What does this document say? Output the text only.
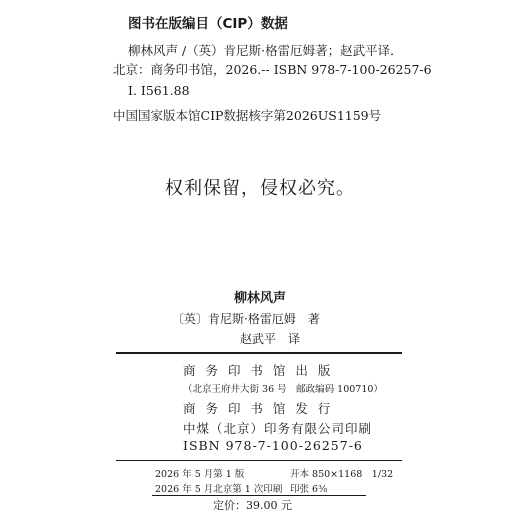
图书在版编目（CIP）数据
柳林风声 /（英）肯尼斯·格雷厄姆著；赵武平译．
北京：商务印书馆，2026.-- ISBN 978-7-100-26257-6
Ⅰ. I561.88
中国国家版本馆CIP数据核字第2026US1159号
权利保留，侵权必究。
柳林风声
〔英〕肯尼斯·格雷厄姆　著
赵武平　译
商 务 印 书 馆 出 版
（北京王府井大街 36 号　邮政编码 100710）
商 务 印 书 馆 发 行
中煤（北京）印务有限公司印刷
ISBN 978-7-100-26257-6
2026 年 5 月第 1 版	开本 850×1168　1/32
2026 年 5 月北京第 1 次印刷 印张 6⅜
定价：39.00 元
